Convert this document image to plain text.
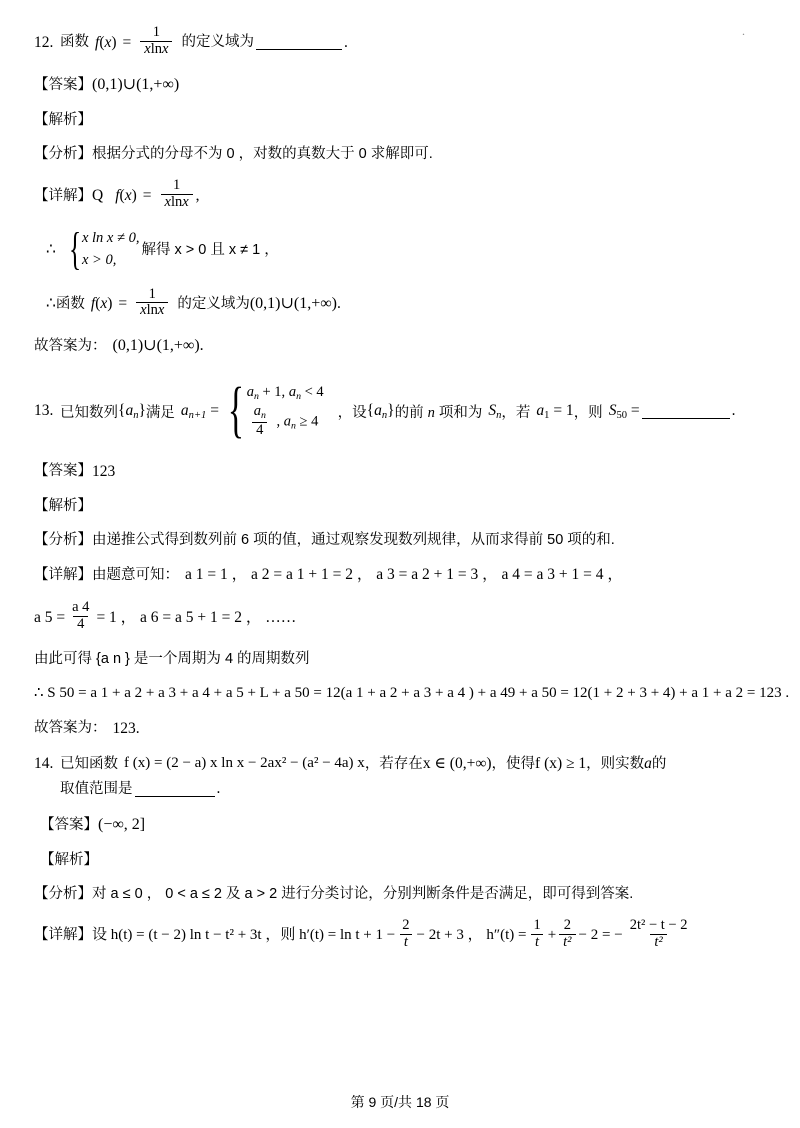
.
12. 函数 f ( x ) = $\frac{1}{xlnx}$ 的定义域为	.
【答案】 (0,1)∪(1,+∞)
【解析】
【分析】 根据分式的分母不为 0 ，对数的真数大于 0 求解即可.
【详解】 Q f ( x ) = $\frac{1}{xlnx}$ ,
∴ { x ln x ≠ 0,
x > 0,
解得 x > 0 且 x ≠ 1 ，
∴ 函数 f ( x ) = $\frac{1}{xlnx}$ 的定义域为 (0,1)∪(1,+∞) .
故答案为： (0,1)∪(1,+∞).
13. 已知数列 $\{a_n\}$ 满足 $a_{n+1}$ = { $a_n + 1$, $a_n < 4$
$\frac{a_n}{4}$ , $a_n \ge 4$
，设 $\{a_n\}$ 的前 n 项和为 $S_n$ ，若 $a_1 = 1$ ，则 $S_{50}$ =	.
【答案】 123
【解析】
【分析】 由递推公式得到数列前 6 项的值，通过观察发现数列规律，从而求得前 50 项的和.
【详解】 由题意可知： a 1 = 1 ， a 2 = a 1 + 1 = 2 ， a 3 = a 2 + 1 = 3 ， a 4 = a 3 + 1 = 4 ，
a $5 = \frac{a 4}{4} = 1$ ， a 6 = a 5 + 1 = 2 ， ……
由此可得 {a n } 是一个周期为 4 的周期数列
∴ S 50 = a 1 + a 2 + a 3 + a 4 + a 5 + L + a 50 = 12(a 1 + a 2 + a 3 + a 4 ) + a 49 + a 50 = 12(1 + 2 + 3 + 4) + a 1 + a 2 = 123 .
故答案为： 123.
14. 已知函数 f (x) = (2 − a) x ln x − 2ax² − (a² − 4a) x ，若存在 x ∈ (0,+∞) ，使得 f (x) ≥ 1 ，则实数 a 的
取值范围是	.
【答案】 (−∞, 2]
【解析】
【分析】 对 a ≤ 0 ， 0 < a ≤ 2 及 a > 2 进行分类讨论，分别判断条件是否满足，即可得到答案.
【详解】 设 h(t) = (t − 2) ln t − t² + 3t ，则 $h'(t) = \ln t + 1 - \frac{2}{t} - 2t + 3$ ， $h''(t) = \frac{1}{t} + \frac{2}{\text{t²}} - 2$ = − $\frac{\text{2t² − t − 2}}{\text{t²}}$
第 9 页/共 18 页
